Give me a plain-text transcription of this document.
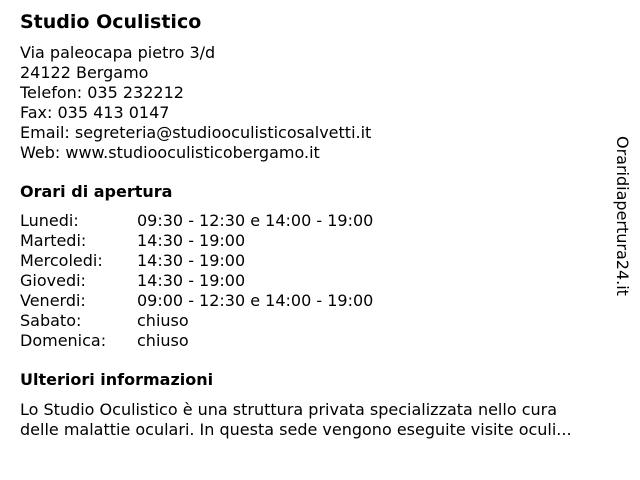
Studio Oculistico
Via paleocapa pietro 3/d
24122 Bergamo
Telefon: 035 232212
Fax: 035 413 0147
Email: segreteria@studiooculisticosalvetti.it
Web: www.studiooculisticobergamo.it
Orari di apertura
Lunedi:	09:30 - 12:30 e 14:00 - 19:00
Martedi:	14:30 - 19:00
Mercoledi:	14:30 - 19:00
Giovedi:	14:30 - 19:00
Venerdi:	09:00 - 12:30 e 14:00 - 19:00
Sabato:	chiuso
Domenica:	chiuso
Ulteriori informazioni
Lo Studio Oculistico è una struttura privata specializzata nello cura
delle malattie oculari. In questa sede vengono eseguite visite oculi...
Oraridiapertura24.it
